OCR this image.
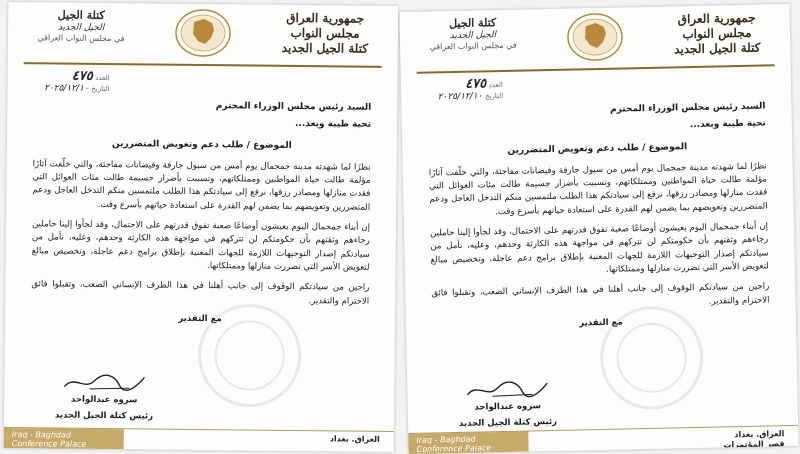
جمهورية العراق
مجلس النواب
كتلة الجيل الجديد
كتلة الجيل
الجيل الجديد
في مجلس النواب العراقي
العدد ٤٧٥
التاريخ ٢٠٢٥/١٢/١٠
السيد رئيس مجلس الوزراء المحترم
تحية طيبة وبعد...
الموضوع / طلب دعم وتعويض المتضررين

نظرًا لما شهدته مدينة جمجمال يوم أمس من سيول جارفة وفيضانات مفاجئة، والتي خلّفت آثارًا مؤلمة طالت حياة المواطنين وممتلكاتهم، وتسببت بأضرار جسيمة طالت مئات العوائل التي فقدت منازلها ومصادر رزقها، نرفع إلى سيادتكم هذا الطلب ملتمسين منكم التدخل العاجل ودعم المتضررين وتعويضهم بما يضمن لهم القدرة على استعادة حياتهم بأسرع وقت.

إن أبناء جمجمال اليوم يعيشون أوضاعًا صعبة تفوق قدرتهم على الاحتمال، وقد لجأوا إلينا حاملين رجاءهم وثقتهم بأن حكومتكم لن تتركهم في مواجهة هذه الكارثة وحدهم، وعليه، نأمل من سيادتكم إصدار التوجيهات اللازمة للجهات المعنية بإطلاق برامج دعم عاجلة، وتخصيص مبالغ لتعويض الأسر التي تضررت منازلها وممتلكاتها.

راجين من سيادتكم الوقوف إلى جانب أهلنا في هذا الظرف الإنساني الصعب، وتقبلوا فائق الاحترام والتقدير.

مع التقدير
سروه عبدالواحد
رئيس كتلة الجيل الجديد
العراق. بغداد
Iraq - Baghdad
Conference Palace
جمهورية العراق
مجلس النواب
كتلة الجيل الجديد
كتلة الجيل
الجيل الجديد
في مجلس النواب العراقي
العدد ٤٧٥
التاريخ ٢٠٢٥/١٢/١٠
السيد رئيس مجلس الوزراء المحترم
تحية طيبة وبعد...
الموضوع / طلب دعم وتعويض المتضررين

نظرًا لما شهدته مدينة جمجمال يوم أمس من سيول جارفة وفيضانات مفاجئة، والتي خلّفت آثارًا مؤلمة طالت حياة المواطنين وممتلكاتهم، وتسببت بأضرار جسيمة طالت مئات العوائل التي فقدت منازلها ومصادر رزقها، نرفع إلى سيادتكم هذا الطلب ملتمسين منكم التدخل العاجل ودعم المتضررين وتعويضهم بما يضمن لهم القدرة على استعادة حياتهم بأسرع وقت.

إن أبناء جمجمال اليوم يعيشون أوضاعًا صعبة تفوق قدرتهم على الاحتمال، وقد لجأوا إلينا حاملين رجاءهم وثقتهم بأن حكومتكم لن تتركهم في مواجهة هذه الكارثة وحدهم، وعليه، نأمل من سيادتكم إصدار التوجيهات اللازمة للجهات المعنية بإطلاق برامج دعم عاجلة، وتخصيص مبالغ لتعويض الأسر التي تضررت منازلها وممتلكاتها.

راجين من سيادتكم الوقوف إلى جانب أهلنا في هذا الظرف الإنساني الصعب، وتقبلوا فائق الاحترام والتقدير.

مع التقدير
سروه عبدالواحد
رئيس كتلة الجيل الجديد
العراق. بغداد
قصر المؤتمرات
Iraq - Baghdad
Conference Palace
